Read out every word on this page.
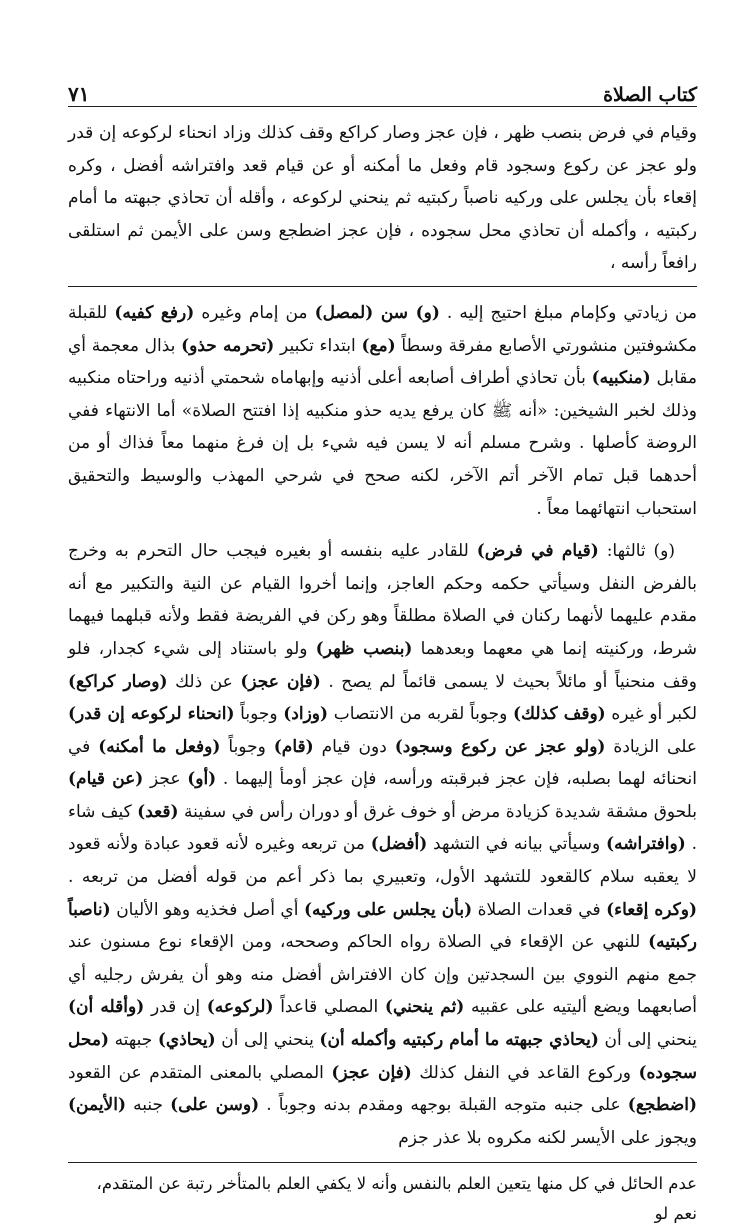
كتاب الصلاة
٧١
وقيام في فرض بنصب ظهر ، فإن عجز وصار كراكع وقف كذلك وزاد انحناء لركوعه إن قدر ولو عجز عن ركوع وسجود قام وفعل ما أمكنه أو عن قيام قعد وافتراشه أفضل ، وكره إقعاء بأن يجلس على وركيه ناصباً ركبتيه ثم ينحني لركوعه ، وأقله أن تحاذي جبهته ما أمام ركبتيه ، وأكمله أن تحاذي محل سجوده ، فإن عجز اضطجع وسن على الأيمن ثم استلقى رافعاً رأسه ،

من زيادتي وكإمام مبلغ احتيج إليه . (و) سن (لمصل) من إمام وغيره (رفع كفيه) للقبلة مكشوفتين منشورتي الأصابع مفرقة وسطاً (مع) ابتداء تكبير (تحرمه حذو) بذال معجمة أي مقابل (منكبيه) بأن تحاذي أطراف أصابعه أعلى أذنيه وإبهاماه شحمتي أذنيه وراحتاه منكبيه وذلك لخبر الشيخين: «أنه ﷺ كان يرفع يديه حذو منكبيه إذا افتتح الصلاة» أما الانتهاء ففي الروضة كأصلها . وشرح مسلم أنه لا يسن فيه شيء بل إن فرغ منهما معاً فذاك أو من أحدهما قبل تمام الآخر أتم الآخر، لكنه صحح في شرحي المهذب والوسيط والتحقيق استحباب انتهائهما معاً .

(و) ثالثها: (قيام في فرض) للقادر عليه بنفسه أو بغيره فيجب حال التحرم به وخرج بالفرض النفل وسيأتي حكمه وحكم العاجز، وإنما أخروا القيام عن النية والتكبير مع أنه مقدم عليهما لأنهما ركنان في الصلاة مطلقاً وهو ركن في الفريضة فقط ولأنه قبلهما فيهما شرط، وركنيته إنما هي معهما وبعدهما (بنصب ظهر) ولو باستناد إلى شيء كجدار، فلو وقف منحنياً أو مائلاً بحيث لا يسمى قائماً لم يصح . (فإن عجز) عن ذلك (وصار كراكع) لكبر أو غيره (وقف كذلك) وجوباً لقربه من الانتصاب (وزاد) وجوباً (انحناء لركوعه إن قدر) على الزيادة (ولو عجز عن ركوع وسجود) دون قيام (قام) وجوباً (وفعل ما أمكنه) في انحنائه لهما بصلبه، فإن عجز فبرقبته ورأسه، فإن عجز أومأ إليهما . (أو) عجز (عن قيام) بلحوق مشقة شديدة كزيادة مرض أو خوف غرق أو دوران رأس في سفينة (قعد) كيف شاء . (وافتراشه) وسيأتي بيانه في التشهد (أفضل) من تربعه وغيره لأنه قعود عبادة ولأنه قعود لا يعقبه سلام كالقعود للتشهد الأول، وتعبيري بما ذكر أعم من قوله أفضل من تربعه . (وكره إقعاء) في قعدات الصلاة (بأن يجلس على وركيه) أي أصل فخذيه وهو الأليان (ناصباً ركبتيه) للنهي عن الإقعاء في الصلاة رواه الحاكم وصححه، ومن الإقعاء نوع مسنون عند جمع منهم النووي بين السجدتين وإن كان الافتراش أفضل منه وهو أن يفرش رجليه أي أصابعهما ويضع أليتيه على عقبيه (ثم ينحني) المصلي قاعداً (لركوعه) إن قدر (وأقله أن) ينحني إلى أن (يحاذي جبهته ما أمام ركبتيه وأكمله أن) ينحني إلى أن (يحاذي) جبهته (محل سجوده) وركوع القاعد في النفل كذلك (فإن عجز) المصلي بالمعنى المتقدم عن القعود (اضطجع) على جنبه متوجه القبلة بوجهه ومقدم بدنه وجوباً . (وسن على) جنبه (الأيمن) ويجوز على الأيسر لكنه مكروه بلا عذر جزم

عدم الحائل في كل منها يتعين العلم بالنفس وأنه لا يكفي العلم بالمتأخر رتبة عن المتقدم، نعم لو
